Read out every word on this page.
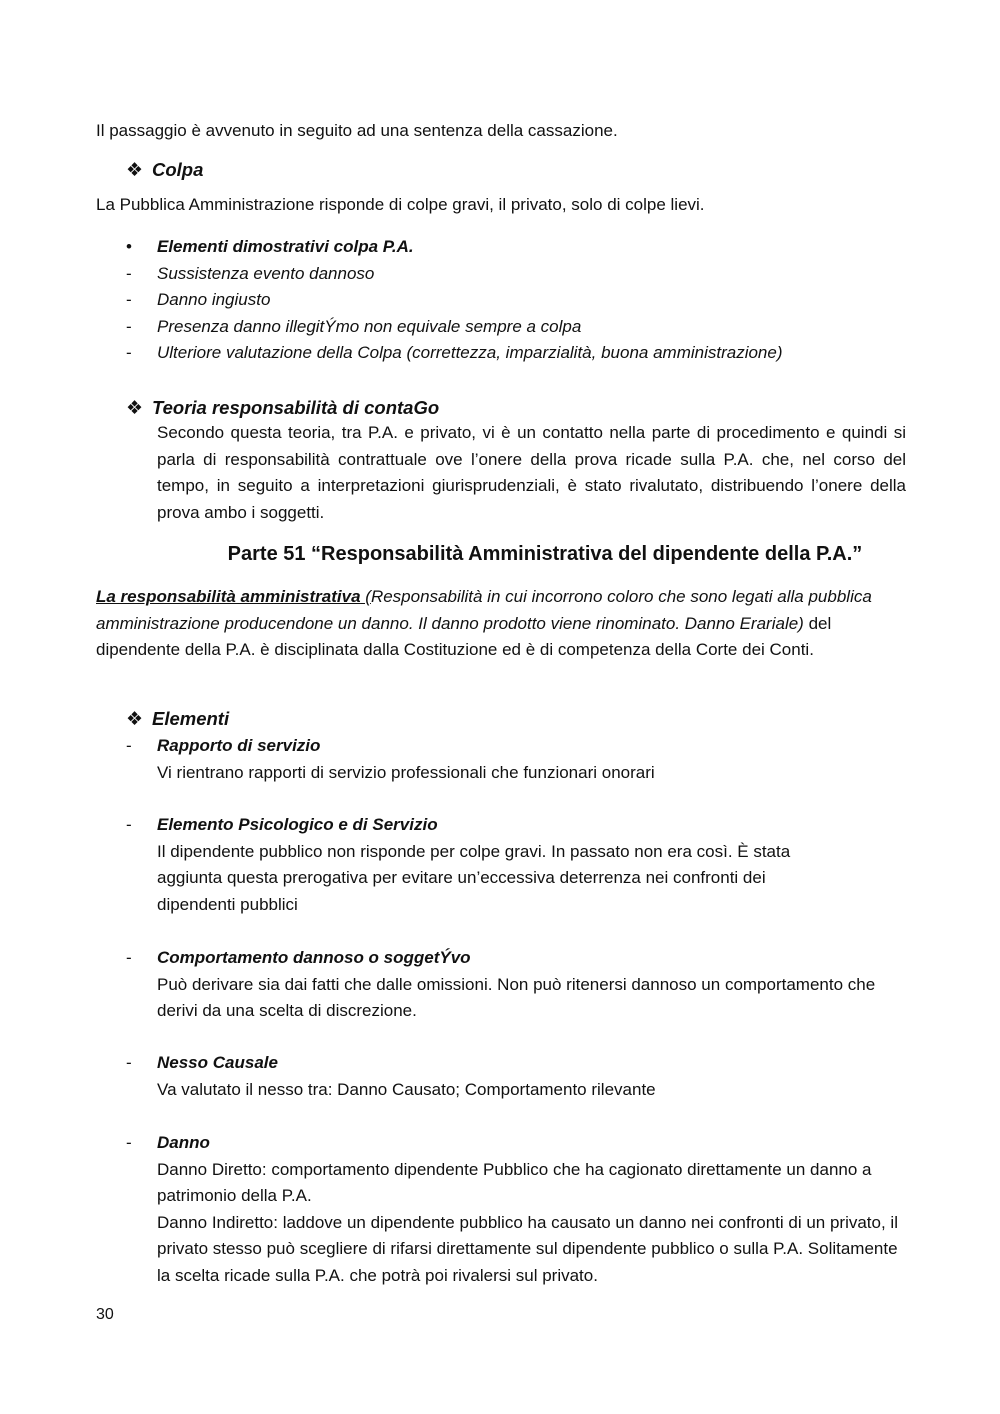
Il passaggio è avvenuto in seguito ad una sentenza della cassazione.

❖ Colpa

La Pubblica Amministrazione risponde di colpe gravi, il privato, solo di colpe lievi.

• Elementi dimostrativi colpa P.A.
- Sussistenza evento dannoso
- Danno ingiusto
- Presenza danno illegitÝmo non equivale sempre a colpa
- Ulteriore valutazione della Colpa (correttezza, imparzialità, buona amministrazione)
❖ Teoria responsabilità di contaGo

Secondo questa teoria, tra P.A. e privato, vi è un contatto nella parte di procedimento e quindi si parla di responsabilità contrattuale ove l’onere della prova ricade sulla P.A. che, nel corso del tempo, in seguito a interpretazioni giurisprudenziali, è stato rivalutato, distribuendo l’onere della prova ambo i soggetti.

Parte 51 “Responsabilità Amministrativa del dipendente della P.A.”

La responsabilità amministrativa (Responsabilità in cui incorrono coloro che sono legati alla pubblica amministrazione producendone un danno. Il danno prodotto viene rinominato. Danno Erariale) del dipendente della P.A. è disciplinata dalla Costituzione ed è di competenza della Corte dei Conti.

❖ Elementi
- Rapporto di servizio
Vi rientrano rapporti di servizio professionali che funzionari onorari
- Elemento Psicologico e di Servizio
Il dipendente pubblico non risponde per colpe gravi. In passato non era così. È stata aggiunta questa prerogativa per evitare un’eccessiva deterrenza nei confronti dei dipendenti pubblici
- Comportamento dannoso o soggetÝvo
Può derivare sia dai fatti che dalle omissioni. Non può ritenersi dannoso un comportamento che derivi da una scelta di discrezione.
- Nesso Causale
Va valutato il nesso tra: Danno Causato; Comportamento rilevante
- Danno
Danno Diretto: comportamento dipendente Pubblico che ha cagionato direttamente un danno a patrimonio della P.A.
Danno Indiretto: laddove un dipendente pubblico ha causato un danno nei confronti di un privato, il privato stesso può scegliere di rifarsi direttamente sul dipendente pubblico o sulla P.A. Solitamente la scelta ricade sulla P.A. che potrà poi rivalersi sul privato.
30
